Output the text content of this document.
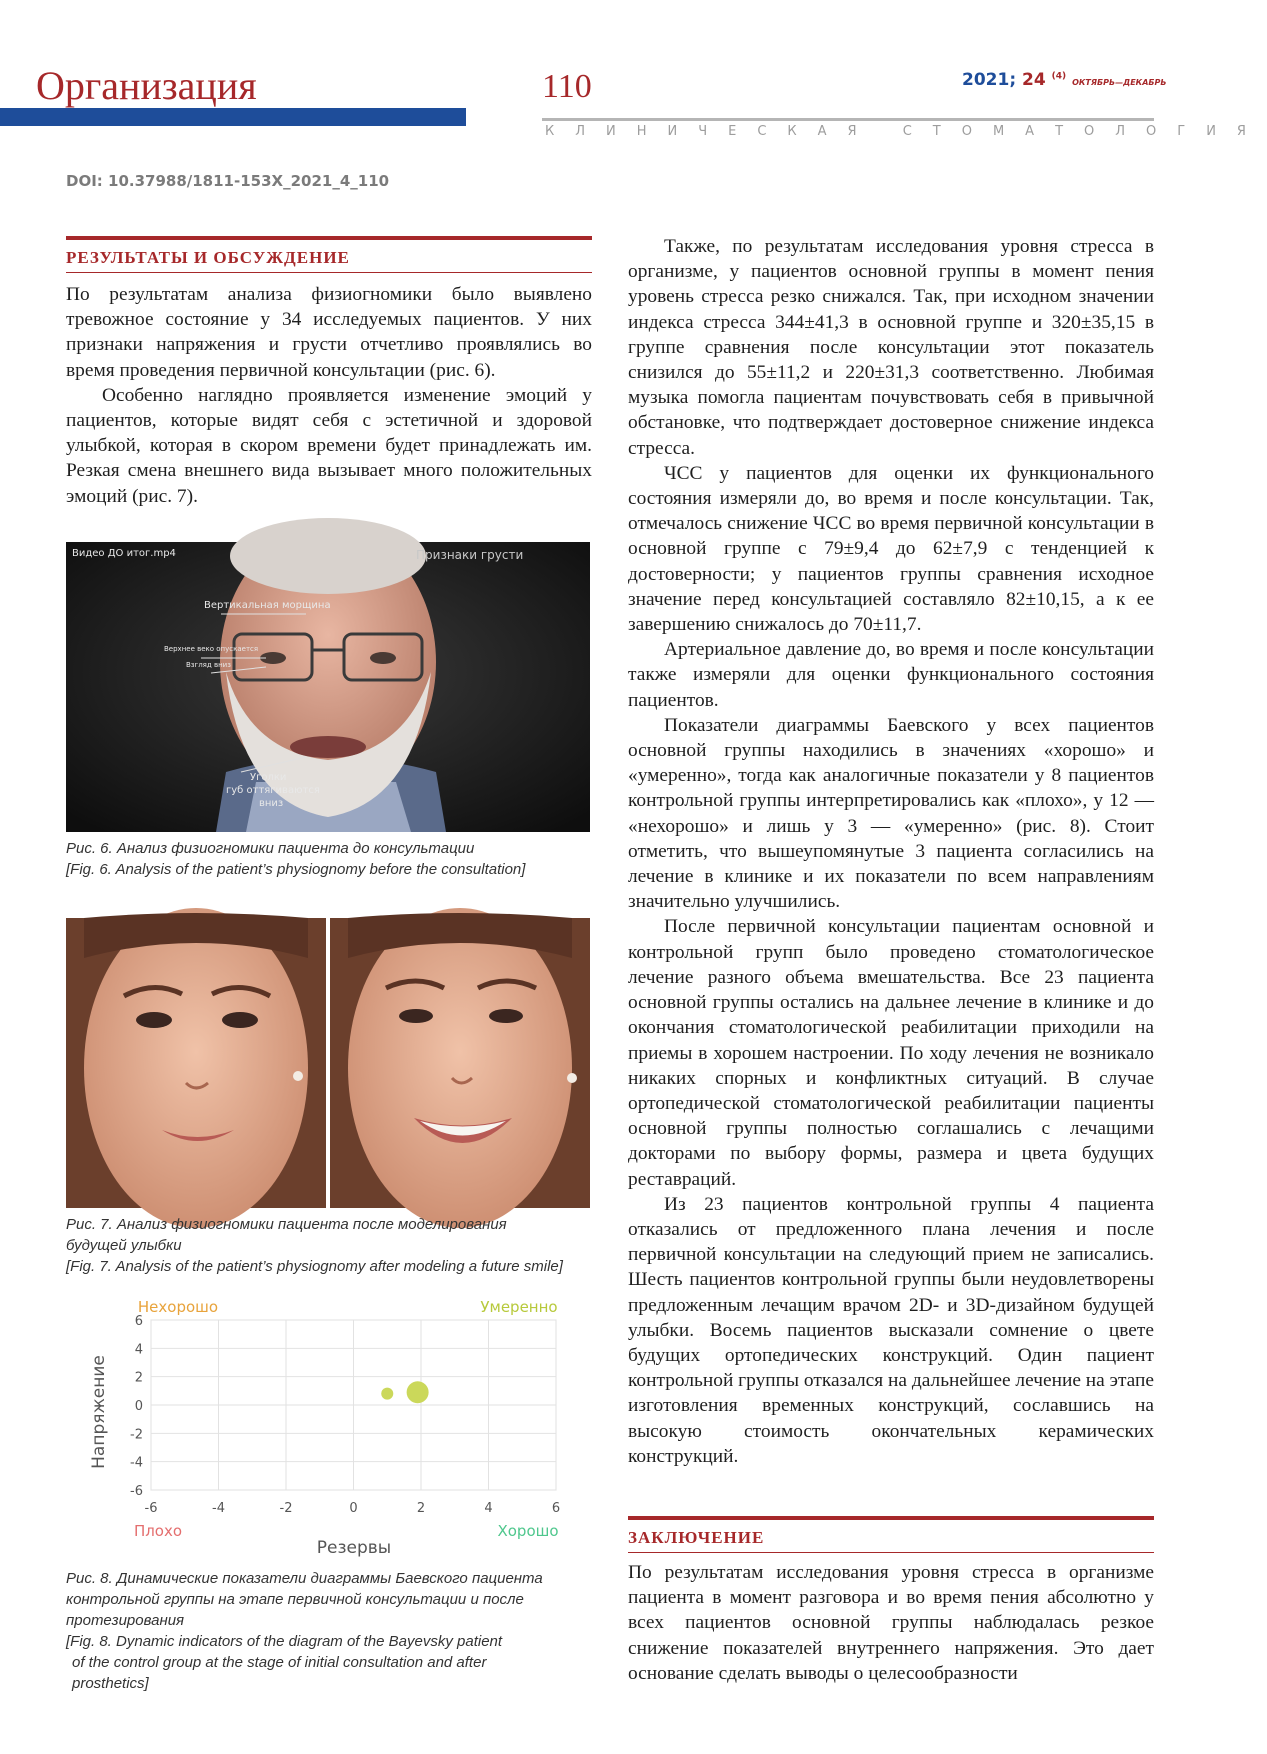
Организация	110	2021; 24 $^{(4)}$ ОКТЯБРЬ—ДЕКАБРЬ
КЛИНИЧЕСКАЯ СТОМАТОЛОГИЯ
DOI: 10.37988/1811-153X_2021_4_110
РЕЗУЛЬТАТЫ И ОБСУЖДЕНИЕ

По результатам анализа физиогномики было выявлено тревожное состояние у 34 исследуемых пациентов. У них признаки напряжения и грусти отчетливо проявлялись во время проведения первичной консультации (рис. 6).

Особенно наглядно проявляется изменение эмоций у пациентов, которые видят себя с эстетичной и здоровой улыбкой, которая в скором времени будет принадлежать им. Резкая смена внешнего вида вызывает много положительных эмоций (рис. 7).

Видео ДО итог.mp4	Признаки грусти
Вертикальная морщина
Верхнее веко опускается
Взгляд вниз
Уголки
губ оттягиваются
вниз
Рис. 6. Анализ физиогномики пациента до консультации
[Fig. 6. Analysis of the patient’s physiognomy before the consultation]
Рис. 7. Анализ физиогномики пациента после моделирования
будущей улыбки
[Fig. 7. Analysis of the patient’s physiognomy after modeling a future smile]
-6	-4	-2	0	2	4	6
6
4
2
0
-2
-4
-6
Нехорошо	Умеренно
Плохо	Хорошо
Резервы
Напряжение
Рис. 8. Динамические показатели диаграммы Баевского пациента
контрольной группы на этапе первичной консультации и после
протезирования
[Fig. 8. Dynamic indicators of the diagram of the Bayevsky patient
of the control group at the stage of initial consultation and after
prosthetics]

Также, по результатам исследования уровня стресса в организме, у пациентов основной группы в момент пения уровень стресса резко снижался. Так, при исходном значении индекса стресса 344±41,3 в основной группе и 320±35,15 в группе сравнения после консультации этот показатель снизился до 55±11,2 и 220±31,3 соответственно. Любимая музыка помогла пациентам почувствовать себя в привычной обстановке, что подтверждает достоверное снижение индекса стресса.

ЧСС у пациентов для оценки их функционального состояния измеряли до, во время и после консультации. Так, отмечалось снижение ЧСС во время первичной консультации в основной группе с 79±9,4 до 62±7,9 с тенденцией к достоверности; у пациентов группы сравнения исходное значение перед консультацией составляло 82±10,15, а к ее завершению снижалось до 70±11,7.

Артериальное давление до, во время и после консультации также измеряли для оценки функционального состояния пациентов.

Показатели диаграммы Баевского у всех пациентов основной группы находились в значениях «хорошо» и «умеренно», тогда как аналогичные показатели у 8 пациентов контрольной группы интерпретировались как «плохо», у 12 — «нехорошо» и лишь у 3 — «умеренно» (рис. 8). Стоит отметить, что вышеупомянутые 3 пациента согласились на лечение в клинике и их показатели по всем направлениям значительно улучшились.

После первичной консультации пациентам основной и контрольной групп было проведено стоматологическое лечение разного объема вмешательства. Все 23 пациента основной группы остались на дальнее лечение в клинике и до окончания стоматологической реабилитации приходили на приемы в хорошем настроении. По ходу лечения не возникало никаких спорных и конфликтных ситуаций. В случае ортопедической стоматологической реабилитации пациенты основной группы полностью соглашались с лечащими докторами по выбору формы, размера и цвета будущих реставраций.

Из 23 пациентов контрольной группы 4 пациента отказались от предложенного плана лечения и после первичной консультации на следующий прием не записались. Шесть пациентов контрольной группы были неудовлетворены предложенным лечащим врачом 2D- и 3D-дизайном будущей улыбки. Восемь пациентов высказали сомнение о цвете будущих ортопедических конструкций. Один пациент контрольной группы отказался на дальнейшее лечение на этапе изготовления временных конструкций, сославшись на высокую стоимость окончательных керамических конструкций.

ЗАКЛЮЧЕНИЕ

По результатам исследования уровня стресса в организме пациента в момент разговора и во время пения абсолютно у всех пациентов основной группы наблюдалась резкое снижение показателей внутреннего напряжения. Это дает основание сделать выводы о целесообразности
